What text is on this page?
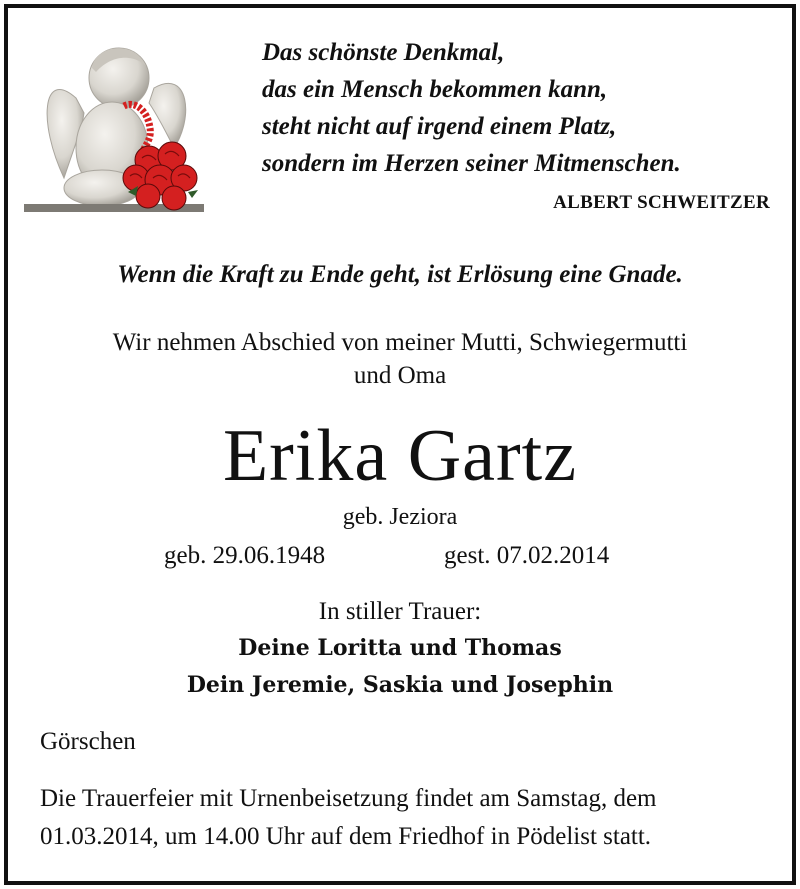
Das schönste Denkmal,
das ein Mensch bekommen kann,
steht nicht auf irgend einem Platz,
sondern im Herzen seiner Mitmenschen.
ALBERT SCHWEITZER
Wenn die Kraft zu Ende geht, ist Erlösung eine Gnade.
Wir nehmen Abschied von meiner Mutti, Schwiegermutti
und Oma
Erika Gartz
geb. Jeziora
geb. 29.06.1948	gest. 07.02.2014
In stiller Trauer:
Deine Loritta und Thomas
Dein Jeremie, Saskia und Josephin
Görschen
Die Trauerfeier mit Urnenbeisetzung findet am Samstag, dem
01.03.2014, um 14.00 Uhr auf dem Friedhof in Pödelist statt.
